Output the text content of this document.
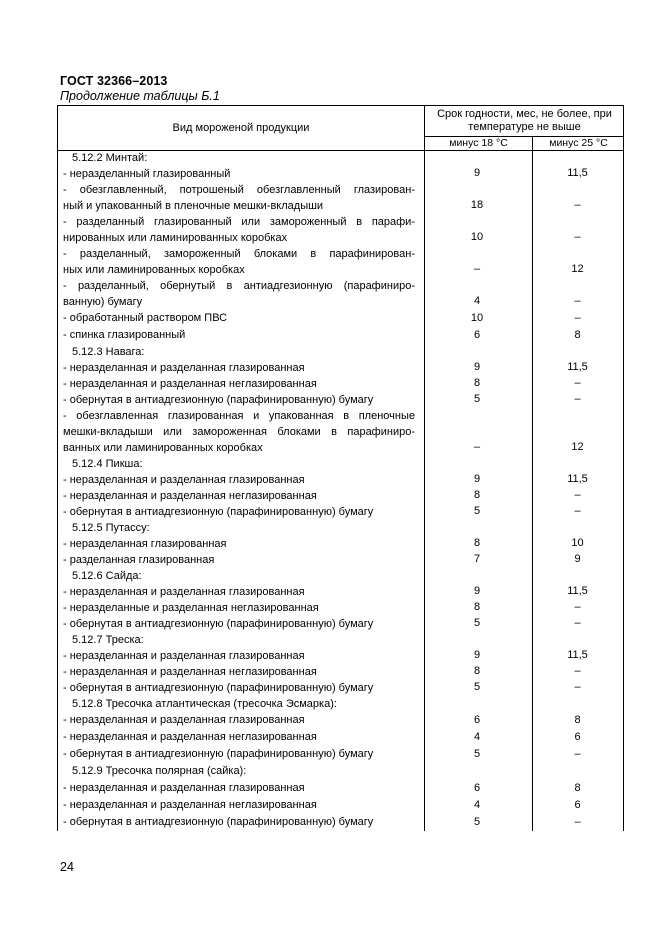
ГОСТ 32366–2013
Продолжение таблицы Б.1
Вид мороженой продукции
Срок годности, мес, не более, при температуре не выше
минус 18 °С	минус 25 °С
5.12.2 Минтай:
- неразделанный глазированный	9	11,5
- обезглавленный, потрошеный обезглавленный глазирован-
ный и упакованный в пленочные мешки-вкладыши	18	–
- разделанный глазированный или замороженный в парафи-
нированных или ламинированных коробках	10	–
- разделанный, замороженный блоками в парафинирован-
ных или ламинированных коробках	–	12
- разделанный, обернутый в антиадгезионную (парафиниро-
ванную) бумагу	4	–
- обработанный раствором ПВС	10	–
- спинка глазированный	6	8
5.12.3 Навага:
- неразделанная и разделанная глазированная	9	11,5
- неразделанная и разделанная неглазированная	8	–
- обернутая в антиадгезионную (парафинированную) бумагу	5	–
- обезглавленная глазированная и упакованная в пленочные
мешки-вкладыши или замороженная блоками в парафиниро-
ванных или ламинированных коробках	–	12
5.12.4 Пикша:
- неразделанная и разделанная глазированная	9	11,5
- неразделанная и разделанная неглазированная	8	–
- обернутая в антиадгезионную (парафинированную) бумагу	5	–
5.12.5 Путассу:
- неразделанная глазированная	8	10
- разделанная глазированная	7	9
5.12.6 Сайда:
- неразделанная и разделанная глазированная	9	11,5
- неразделанные и разделанная неглазированная	8	–
- обернутая в антиадгезионную (парафинированную) бумагу	5	–
5.12.7 Треска:
- неразделанная и разделанная глазированная	9	11,5
- неразделанная и разделанная неглазированная	8	–
- обернутая в антиадгезионную (парафинированную) бумагу	5	–
5.12.8 Тресочка атлантическая (тресочка Эсмарка):
- неразделанная и разделанная глазированная	6	8
- неразделанная и разделанная неглазированная	4	6
- обернутая в антиадгезионную (парафинированную) бумагу	5	–
5.12.9 Тресочка полярная (сайка):
- неразделанная и разделанная глазированная	6	8
- неразделанная и разделанная неглазированная	4	6
- обернутая в антиадгезионную (парафинированную) бумагу	5	–
24
